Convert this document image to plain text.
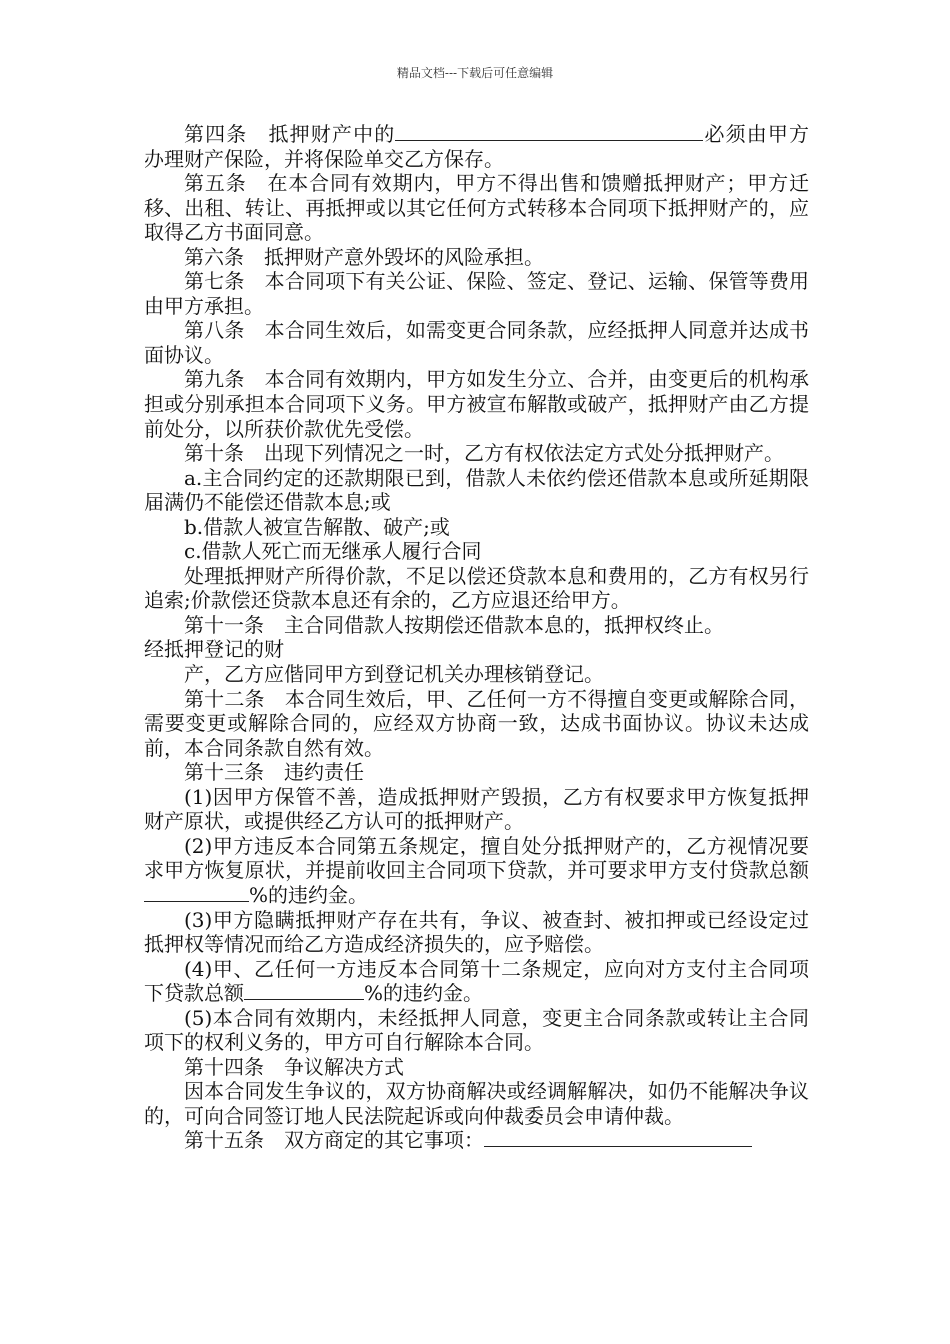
精品文档---下载后可任意编辑

第四条　抵押财产中的	必须由甲方办理财产保险，并将保险单交乙方保存。

第五条　在本合同有效期内，甲方不得出售和馈赠抵押财产；甲方迁移、出租、转让、再抵押或以其它任何方式转移本合同项下抵押财产的，应取得乙方书面同意。

第六条　抵押财产意外毁坏的风险承担。

第七条　本合同项下有关公证、保险、签定、登记、运输、保管等费用由甲方承担。

第八条　本合同生效后，如需变更合同条款，应经抵押人同意并达成书面协议。

第九条　本合同有效期内，甲方如发生分立、合并，由变更后的机构承担或分别承担本合同项下义务。甲方被宣布解散或破产，抵押财产由乙方提前处分，以所获价款优先受偿。

第十条　出现下列情况之一时，乙方有权依法定方式处分抵押财产。

a.主合同约定的还款期限已到，借款人未依约偿还借款本息或所延期限届满仍不能偿还借款本息;或

b.借款人被宣告解散、破产;或

c.借款人死亡而无继承人履行合同

处理抵押财产所得价款，不足以偿还贷款本息和费用的，乙方有权另行追索;价款偿还贷款本息还有余的，乙方应退还给甲方。

第十一条　主合同借款人按期偿还借款本息的，抵押权终止。

经抵押登记的财

产，乙方应偕同甲方到登记机关办理核销登记。

第十二条　本合同生效后，甲、乙任何一方不得擅自变更或解除合同，需要变更或解除合同的，应经双方协商一致，达成书面协议。协议未达成前，本合同条款自然有效。

第十三条　违约责任

(1)因甲方保管不善，造成抵押财产毁损，乙方有权要求甲方恢复抵押财产原状，或提供经乙方认可的抵押财产。

(2)甲方违反本合同第五条规定，擅自处分抵押财产的，乙方视情况要求甲方恢复原状，并提前收回主合同项下贷款，并可要求甲方支付贷款总额%的违约金。

(3)甲方隐瞒抵押财产存在共有，争议、被查封、被扣押或已经设定过抵押权等情况而给乙方造成经济损失的，应予赔偿。

(4)甲、乙任何一方违反本合同第十二条规定，应向对方支付主合同项下贷款总额	%的违约金。

(5)本合同有效期内，未经抵押人同意，变更主合同条款或转让主合同项下的权利义务的，甲方可自行解除本合同。

第十四条　争议解决方式

因本合同发生争议的，双方协商解决或经调解解决，如仍不能解决争议的，可向合同签订地人民法院起诉或向仲裁委员会申请仲裁。

第十五条　双方商定的其它事项：
